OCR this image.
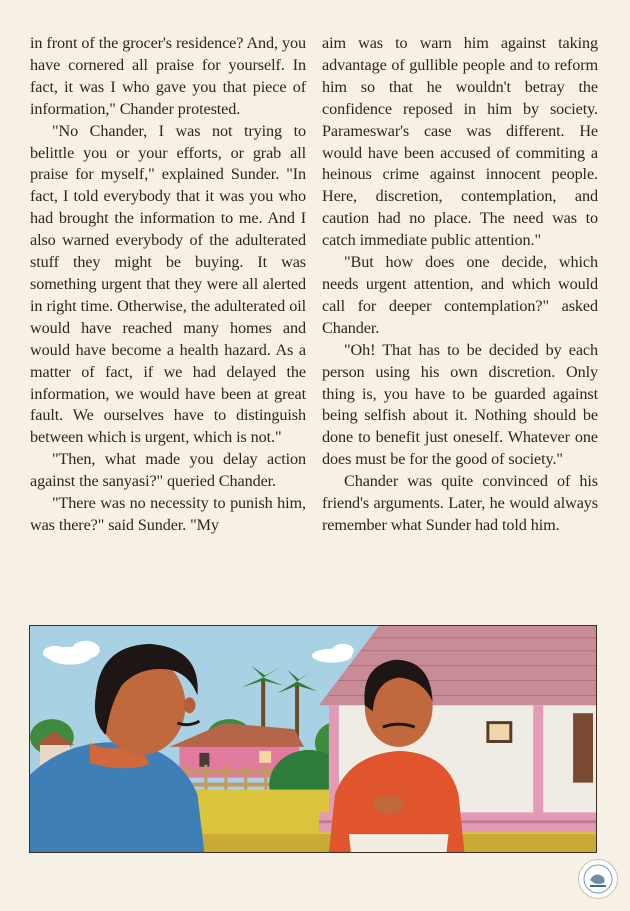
in front of the grocer's residence? And, you have cornered all praise for yourself. In fact, it was I who gave you that piece of information," Chander protested.

"No Chander, I was not trying to belittle you or your efforts, or grab all praise for myself," explained Sunder. "In fact, I told everybody that it was you who had brought the information to me. And I also warned everybody of the adulterated stuff they might be buying. It was something urgent that they were all alerted in right time. Otherwise, the adulterated oil would have reached many homes and would have become a health hazard. As a matter of fact, if we had delayed the information, we would have been at great fault. We ourselves have to distinguish between which is urgent, which is not."

"Then, what made you delay action against the sanyasi?" queried Chander.

"There was no necessity to punish him, was there?" said Sunder. "My

aim was to warn him against taking advantage of gullible people and to reform him so that he wouldn't betray the confidence reposed in him by society. Parameswar's case was different. He would have been accused of commiting a heinous crime against innocent people. Here, discretion, contemplation, and caution had no place. The need was to catch immediate public attention."

"But how does one decide, which needs urgent attention, and which would call for deeper contemplation?" asked Chander.

"Oh! That has to be decided by each person using his own discretion. Only thing is, you have to be guarded against being selfish about it. Nothing should be done to benefit just oneself. Whatever one does must be for the good of society."

Chander was quite convinced of his friend's arguments. Later, he would always remember what Sunder had told him.
